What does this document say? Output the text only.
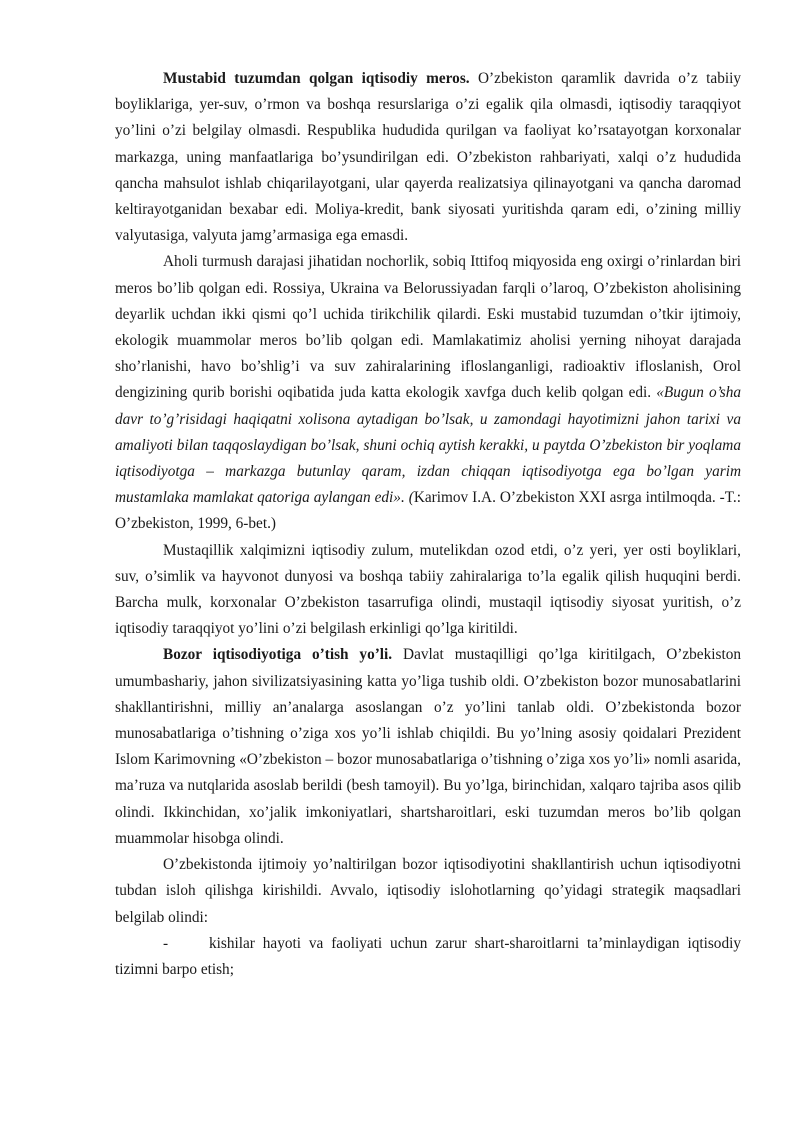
Mustabid tuzumdan qolgan iqtisodiy meros. O’zbekiston qaramlik davrida o’z tabiiy boyliklariga, yer-suv, o’rmon va boshqa resurslariga o’zi egalik qila olmasdi, iqtisodiy taraqqiyot yo’lini o’zi belgilay olmasdi. Respublika hududida qurilgan va faoliyat ko’rsatayotgan korxonalar markazga, uning manfaatlariga bo’ysundirilgan edi. O’zbekiston rahbariyati, xalqi o’z hududida qancha mahsulot ishlab chiqarilayotgani, ular qayerda realizatsiya qilinayotgani va qancha daromad keltirayotganidan bexabar edi. Moliya-kredit, bank siyosati yuritishda qaram edi, o’zining milliy valyutasiga, valyuta jamg’armasiga ega emasdi.

Aholi turmush darajasi jihatidan nochorlik, sobiq Ittifoq miqyosida eng oxirgi o’rinlardan biri meros bo’lib qolgan edi. Rossiya, Ukraina va Belorussiyadan farqli o’laroq, O’zbekiston aholisining deyarlik uchdan ikki qismi qo’l uchida tirikchilik qilardi. Eski mustabid tuzumdan o’tkir ijtimoiy, ekologik muammolar meros bo’lib qolgan edi. Mamlakatimiz aholisi yerning nihoyat darajada sho’rlanishi, havo bo’shlig’i va suv zahiralarining ifloslanganligi, radioaktiv ifloslanish, Orol dengizining qurib borishi oqibatida juda katta ekologik xavfga duch kelib qolgan edi. «Bugun o’sha davr to’g’risidagi haqiqatni xolisona aytadigan bo’lsak, u zamondagi hayotimizni jahon tarixi va amaliyoti bilan taqqoslaydigan bo’lsak, shuni ochiq aytish kerakki, u paytda O’zbekiston bir yoqlama iqtisodiyotga – markazga butunlay qaram, izdan chiqqan iqtisodiyotga ega bo’lgan yarim mustamlaka mamlakat qatoriga aylangan edi». (Karimov I.A. O’zbekiston XXI asrga intilmoqda. -T.: O’zbekiston, 1999, 6-bet.)

Mustaqillik xalqimizni iqtisodiy zulum, mutelikdan ozod etdi, o’z yeri, yer osti boyliklari, suv, o’simlik va hayvonot dunyosi va boshqa tabiiy zahiralariga to’la egalik qilish huquqini berdi. Barcha mulk, korxonalar O’zbekiston tasarrufiga olindi, mustaqil iqtisodiy siyosat yuritish, o’z iqtisodiy taraqqiyot yo’lini o’zi belgilash erkinligi qo’lga kiritildi.

Bozor iqtisodiyotiga o’tish yo’li. Davlat mustaqilligi qo’lga kiritilgach, O’zbekiston umumbashariy, jahon sivilizatsiyasining katta yo’liga tushib oldi. O’zbekiston bozor munosabatlarini shakllantirishni, milliy an’analarga asoslangan o’z yo’lini tanlab oldi. O’zbekistonda bozor munosabatlariga o’tishning o’ziga xos yo’li ishlab chiqildi. Bu yo’lning asosiy qoidalari Prezident Islom Karimovning «O’zbekiston – bozor munosabatlariga o’tishning o’ziga xos yo’li» nomli asarida, ma’ruza va nutqlarida asoslab berildi (besh tamoyil). Bu yo’lga, birinchidan, xalqaro tajriba asos qilib olindi. Ikkinchidan, xo’jalik imkoniyatlari, shartsharoitlari, eski tuzumdan meros bo’lib qolgan muammolar hisobga olindi.

O’zbekistonda ijtimoiy yo’naltirilgan bozor iqtisodiyotini shakllantirish uchun iqtisodiyotni tubdan isloh qilishga kirishildi. Avvalo, iqtisodiy islohotlarning qo’yidagi strategik maqsadlari belgilab olindi:

-	kishilar hayoti va faoliyati uchun zarur shart-sharoitlarni ta’minlaydigan iqtisodiy tizimni barpo etish;
